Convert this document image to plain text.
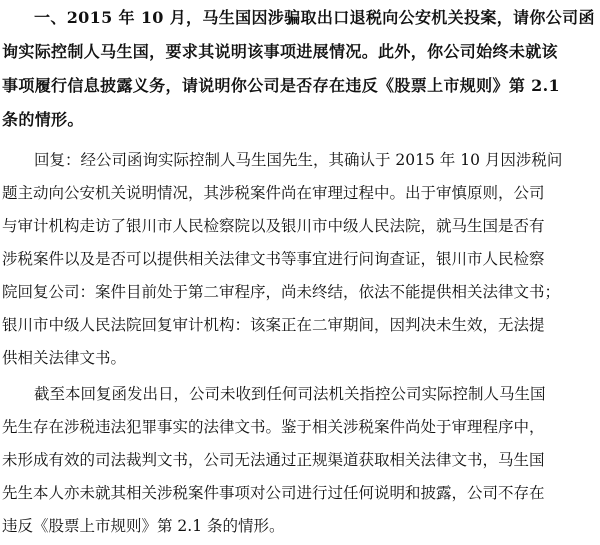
一、2015 年 10 月，马生国因涉骗取出口退税向公安机关投案，请你公司函
询实际控制人马生国，要求其说明该事项进展情况。此外，你公司始终未就该
事项履行信息披露义务，请说明你公司是否存在违反《股票上市规则》第 2.1
条的情形。
回复：经公司函询实际控制人马生国先生，其确认于 2015 年 10 月因涉税问
题主动向公安机关说明情况，其涉税案件尚在审理过程中。出于审慎原则，公司
与审计机构走访了银川市人民检察院以及银川市中级人民法院，就马生国是否有
涉税案件以及是否可以提供相关法律文书等事宜进行问询查证，银川市人民检察
院回复公司：案件目前处于第二审程序，尚未终结，依法不能提供相关法律文书；
银川市中级人民法院回复审计机构：该案正在二审期间，因判决未生效，无法提
供相关法律文书。
截至本回复函发出日，公司未收到任何司法机关指控公司实际控制人马生国
先生存在涉税违法犯罪事实的法律文书。鉴于相关涉税案件尚处于审理程序中，
未形成有效的司法裁判文书，公司无法通过正规渠道获取相关法律文书，马生国
先生本人亦未就其相关涉税案件事项对公司进行过任何说明和披露，公司不存在
违反《股票上市规则》第 2.1 条的情形。
